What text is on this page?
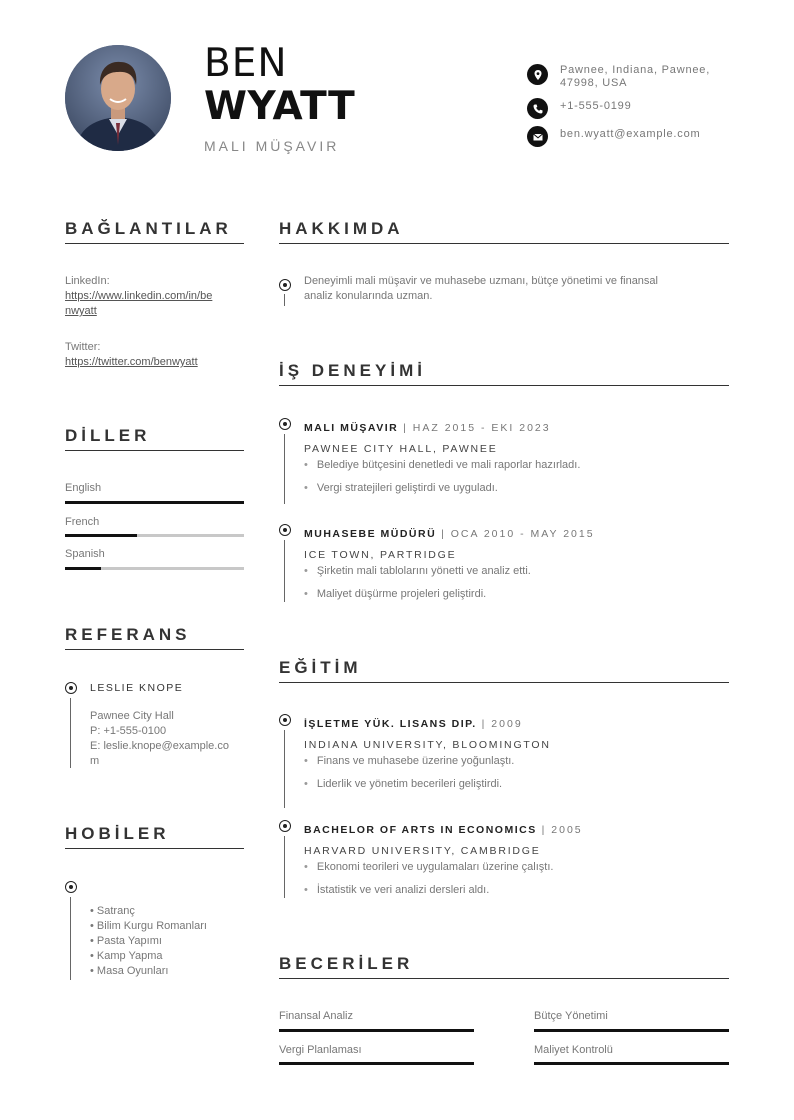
BEN
WYATT
MALI MÜŞAVIR
Pawnee, Indiana, Pawnee, 47998, USA
+1-555-0199
ben.wyatt@example.com
BAĞLANTILAR
LinkedIn:
https://www.linkedin.com/in/be
nwyatt
Twitter:
https://twitter.com/benwyatt
DİLLER
English
French
Spanish
REFERANS
LESLIE KNOPE
Pawnee City Hall
P: +1-555-0100
E: leslie.knope@example.co
m
HOBİLER
• Satranç
• Bilim Kurgu Romanları
• Pasta Yapımı
• Kamp Yapma
• Masa Oyunları
HAKKIMDA
Deneyimli mali müşavir ve muhasebe uzmanı, bütçe yönetimi ve finansal
analiz konularında uzman.
İŞ DENEYİMİ
MALI MÜŞAVIR | HAZ 2015 - EKI 2023
PAWNEE CITY HALL, PAWNEE
• Belediye bütçesini denetledi ve mali raporlar hazırladı.
• Vergi stratejileri geliştirdi ve uyguladı.
MUHASEBE MÜDÜRÜ | OCA 2010 - MAY 2015
ICE TOWN, PARTRIDGE
• Şirketin mali tablolarını yönetti ve analiz etti.
• Maliyet düşürme projeleri geliştirdi.
EĞİTİM
İŞLETME YÜK. LISANS DIP. | 2009
INDIANA UNIVERSITY, BLOOMINGTON
• Finans ve muhasebe üzerine yoğunlaştı.
• Liderlik ve yönetim becerileri geliştirdi.
BACHELOR OF ARTS IN ECONOMICS | 2005
HARVARD UNIVERSITY, CAMBRIDGE
• Ekonomi teorileri ve uygulamaları üzerine çalıştı.
• İstatistik ve veri analizi dersleri aldı.
BECERİLER
Finansal Analiz	Bütçe Yönetimi
Vergi Planlaması	Maliyet Kontrolü
